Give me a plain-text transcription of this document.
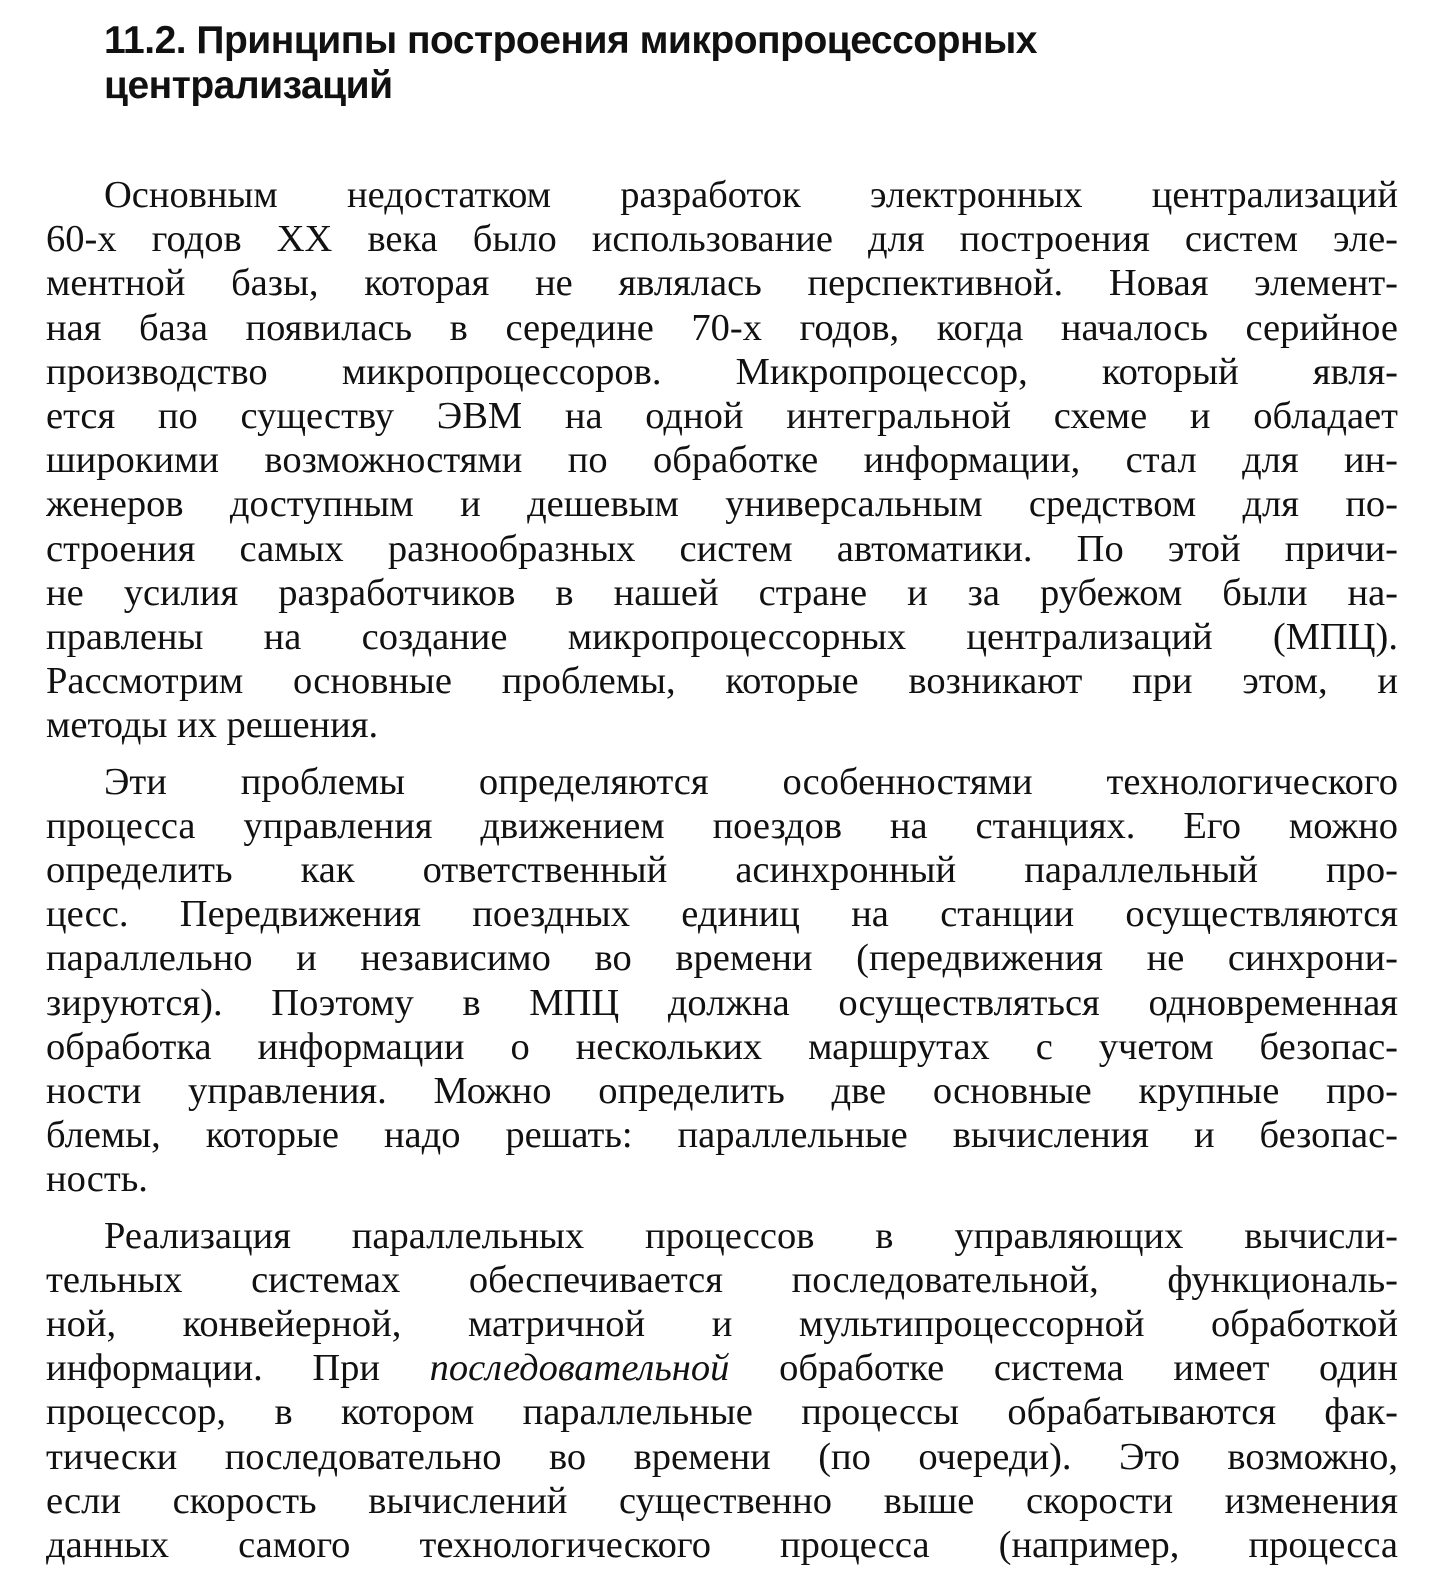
11.2. Принципы построения микропроцессорных
централизаций
Основным недостатком разработок электронных централизаций
60-х годов XX века было использование для построения систем эле-
ментной базы, которая не являлась перспективной. Новая элемент-
ная база появилась в середине 70-х годов, когда началось серийное
производство микропроцессоров. Микропроцессор, который явля-
ется по существу ЭВМ на одной интегральной схеме и обладает
широкими возможностями по обработке информации, стал для ин-
женеров доступным и дешевым универсальным средством для по-
строения самых разнообразных систем автоматики. По этой причи-
не усилия разработчиков в нашей стране и за рубежом были на-
правлены на создание микропроцессорных централизаций (МПЦ).
Рассмотрим основные проблемы, которые возникают при этом, и
методы их решения.
Эти проблемы определяются особенностями технологического
процесса управления движением поездов на станциях. Его можно
определить как ответственный асинхронный параллельный про-
цесс. Передвижения поездных единиц на станции осуществляются
параллельно и независимо во времени (передвижения не синхрони-
зируются). Поэтому в МПЦ должна осуществляться одновременная
обработка информации о нескольких маршрутах с учетом безопас-
ности управления. Можно определить две основные крупные про-
блемы, которые надо решать: параллельные вычисления и безопас-
ность.
Реализация параллельных процессов в управляющих вычисли-
тельных системах обеспечивается последовательной, функциональ-
ной, конвейерной, матричной и мультипроцессорной обработкой
информации. При последовательной обработке система имеет один
процессор, в котором параллельные процессы обрабатываются фак-
тически последовательно во времени (по очереди). Это возможно,
если скорость вычислений существенно выше скорости изменения
данных самого технологического процесса (например, процесса
